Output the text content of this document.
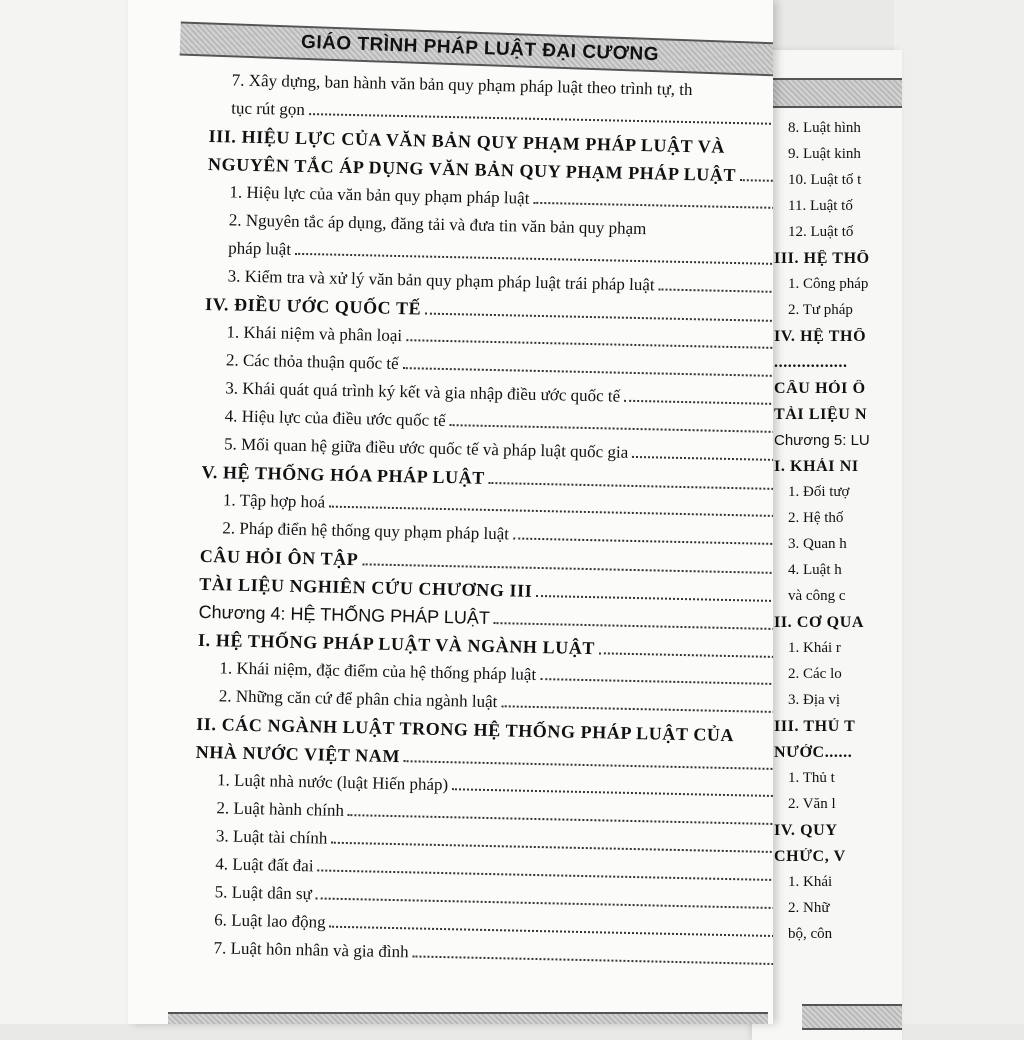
8. Luật hình
9. Luật kinh
10. Luật tố t
11. Luật tố
12. Luật tố
III. HỆ THỐ
1. Công pháp
2. Tư pháp
IV. HỆ THỐ
................
CÂU HỎI Ô
TÀI LIỆU N
Chương 5: LU
I. KHÁI NI
1. Đối tượ
2. Hệ thố
3. Quan h
4. Luật h
và công c
II. CƠ QUA
1. Khái r
2. Các lo
3. Địa vị
III. THỦ T
NƯỚC......
1. Thủ t
2. Văn l
IV. QUY
CHỨC, V
1. Khái
2. Nhữ
bộ, côn
GIÁO TRÌNH PHÁP LUẬT ĐẠI CƯƠNG
7. Xây dựng, ban hành văn bản quy phạm pháp luật theo trình tự, th
tục rút gọn
III. HIỆU LỰC CỦA VĂN BẢN QUY PHẠM PHÁP LUẬT VÀ
NGUYÊN TẮC ÁP DỤNG VĂN BẢN QUY PHẠM PHÁP LUẬT
1. Hiệu lực của văn bản quy phạm pháp luật
2. Nguyên tắc áp dụng, đăng tải và đưa tin văn bản quy phạm
pháp luật
3. Kiểm tra và xử lý văn bản quy phạm pháp luật trái pháp luật
IV. ĐIỀU ƯỚC QUỐC TẾ
1. Khái niệm và phân loại
2. Các thỏa thuận quốc tế
3. Khái quát quá trình ký kết và gia nhập điều ước quốc tế
4. Hiệu lực của điều ước quốc tế
5. Mối quan hệ giữa điều ước quốc tế và pháp luật quốc gia
V. HỆ THỐNG HÓA PHÁP LUẬT
1. Tập hợp hoá
2. Pháp điển hệ thống quy phạm pháp luật
CÂU HỎI ÔN TẬP
TÀI LIỆU NGHIÊN CỨU CHƯƠNG III
Chương 4: HỆ THỐNG PHÁP LUẬT
I. HỆ THỐNG PHÁP LUẬT VÀ NGÀNH LUẬT
1. Khái niệm, đặc điểm của hệ thống pháp luật
2. Những căn cứ để phân chia ngành luật
II. CÁC NGÀNH LUẬT TRONG HỆ THỐNG PHÁP LUẬT CỦA
NHÀ NƯỚC VIỆT NAM
1. Luật nhà nước (luật Hiến pháp)
2. Luật hành chính
3. Luật tài chính
4. Luật đất đai
5. Luật dân sự
6. Luật lao động
7. Luật hôn nhân và gia đình
